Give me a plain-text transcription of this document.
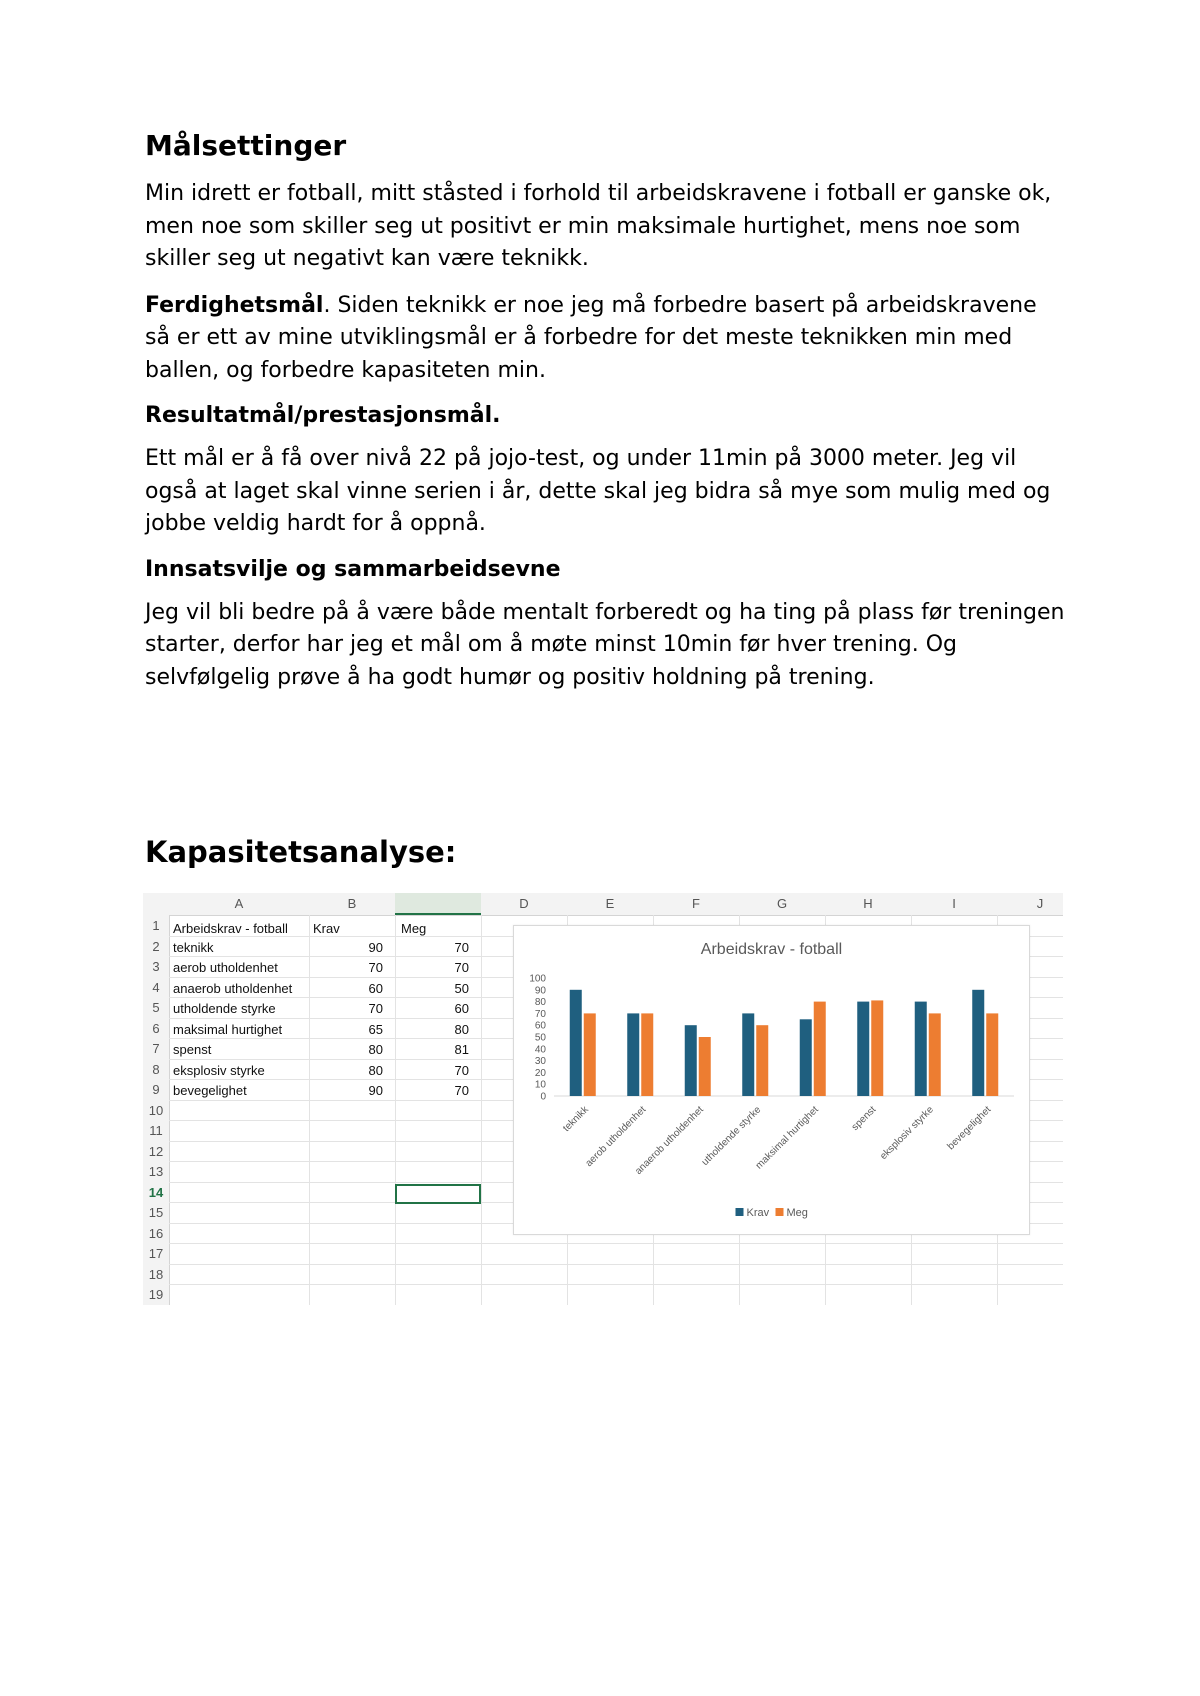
Målsettinger

Min idrett er fotball, mitt ståsted i forhold til arbeidskravene i fotball er ganske ok, men noe som skiller seg ut positivt er min maksimale hurtighet, mens noe som skiller seg ut negativt kan være teknikk.

Ferdighetsmål. Siden teknikk er noe jeg må forbedre basert på arbeidskravene så er ett av mine utviklingsmål er å forbedre for det meste teknikken min med ballen, og forbedre kapasiteten min.

Resultatmål/prestasjonsmål.

Ett mål er å få over nivå 22 på jojo-test, og under 11min på 3000 meter. Jeg vil også at laget skal vinne serien i år, dette skal jeg bidra så mye som mulig med og jobbe veldig hardt for å oppnå.

Innsatsvilje og sammarbeidsevne

Jeg vil bli bedre på å være både mentalt forberedt og ha ting på plass før treningen starter, derfor har jeg et mål om å møte minst 10min før hver trening. Og selvfølgelig prøve å ha godt humør og positiv holdning på trening.

Kapasitetsanalyse:
A	B	D	E	F	G	H	I	J
1
2
3
4
5
6
7
8
9
10
11
12
13
14
15
16
17
18
19
Arbeidskrav - fotball Krav	Meg
teknikk	90	70
aerob utholdenhet	70	70
anaerob utholdenhet	60	50
utholdende styrke	70	60
maksimal hurtighet	65	80
spenst	80	81
eksplosiv styrke	80	70
bevegelighet	90	70
Arbeidskrav - fotball
0
10
20
30
40
50
60
70
80
90
100
teknikk
aerob utholdenhet
anaerob utholdenhet
utholdende styrke
maksimal hurtighet	spenst eksplosiv styrke bevegelighet
Krav Meg
